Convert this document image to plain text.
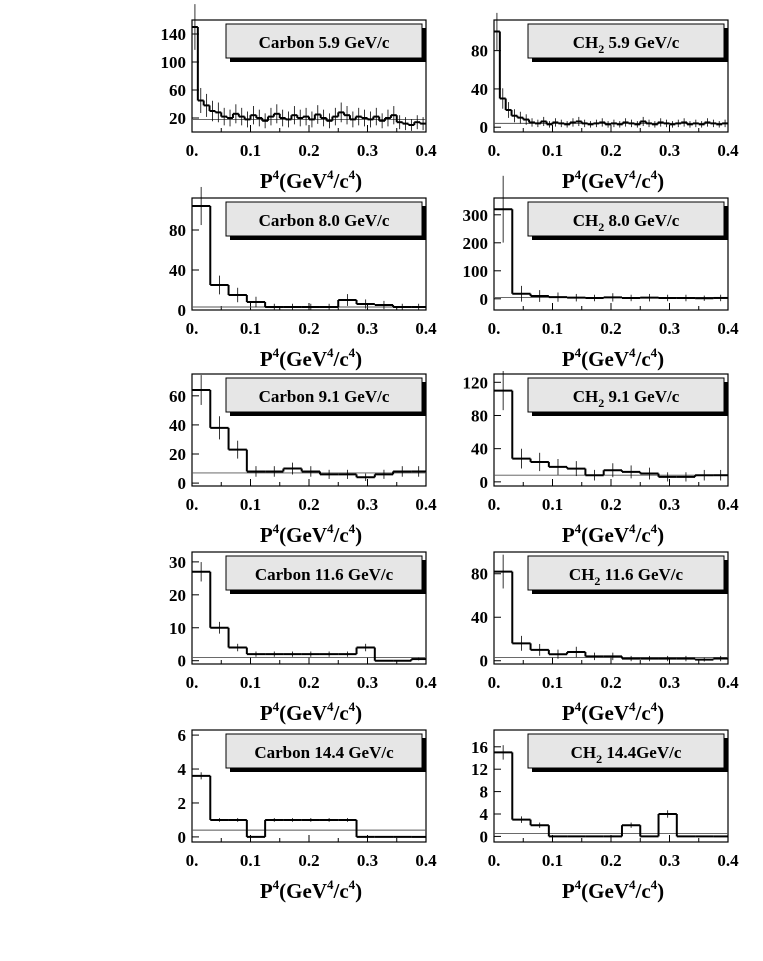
0. 0.1 0.2 0.3 0.4
20
60
100
140	Carbon 5.9 GeV/c
$P^4(GeV^4/c^4)$
0. 0.1 0.2 0.3 0.4
0
40
80	$CH_2$ 5.9 GeV/c
$P^4(GeV^4/c^4)$
0. 0.1 0.2 0.3 0.4
0
40
80
Carbon 8.0 GeV/c
$P^4(GeV^4/c^4)$
0. 0.1 0.2 0.3 0.4
0
100
200
300	$CH_2$ 8.0 GeV/c
$P^4(GeV^4/c^4)$
0. 0.1 0.2 0.3 0.4
0
20
40
60	Carbon 9.1 GeV/c
$P^4(GeV^4/c^4)$
0. 0.1 0.2 0.3 0.4
0
40
80
120
$CH_2$ 9.1 GeV/c
$P^4(GeV^4/c^4)$
0. 0.1 0.2 0.3 0.4
0
10
20
30
Carbon 11.6 GeV/c
$P^4(GeV^4/c^4)$
0. 0.1 0.2 0.3 0.4
0
40
80	$CH_2$ 11.6 GeV/c
$P^4(GeV^4/c^4)$
0. 0.1 0.2 0.3 0.4
0
2
4
6
Carbon 14.4 GeV/c
$P^4(GeV^4/c^4)$
0. 0.1 0.2 0.3 0.4
0
4
8
12
16	$CH_2$ 14.4GeV/c
$P^4(GeV^4/c^4)$
